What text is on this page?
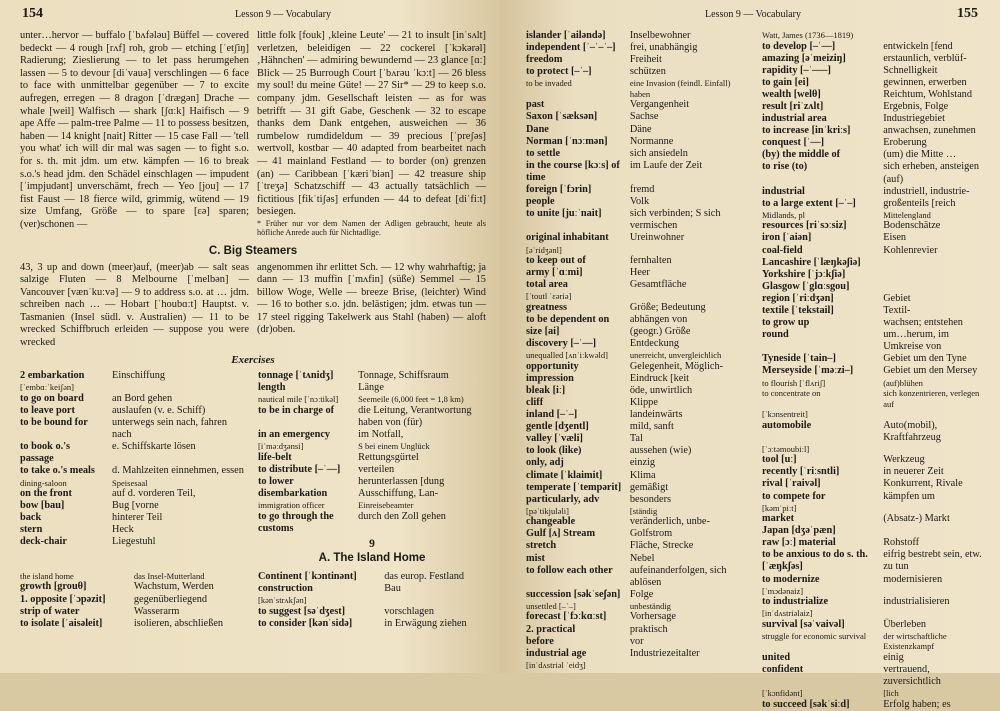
154	Lesson 9 — Vocabulary

unter…hervor — buffalo [ˈbʌfələu] Büffel — covered bedeckt — 4 rough [rʌf] roh, grob — etching [ˈetʃiŋ] Radierung; Zieslierung — to let pass herumgehen lassen — 5 to devour [diˈvauə] verschlingen — 6 face to face with unmittelbar gegenüber — 7 to excite aufregen, erregen — 8 dragon [ˈdrægən] Drache — whale [weil] Walfisch — shark [ʃɑːk] Haifisch — 9 ape Affe — palm-tree Palme — 11 to possess besitzen, haben — 14 knight [nait] Ritter — 15 case Fall — 'tell you what' ich will dir mal was sagen — to fight s.o. for s. th. mit jdm. um etw. kämpfen — 16 to break s.o.'s head jdm. den Schädel einschlagen — impudent [ˈimpjudənt] unverschämt, frech — Yeo [jou] — 17 fist Faust — 18 fierce wild, grimmig, wütend — 19 size Umfang, Größe — to spare [ɛə] sparen; (ver)schonen —

little folk [fouk] ‚kleine Leute' — 21 to insult [inˈsʌlt] verletzen, beleidigen — 22 cockerel [ˈkɔkərəl] ‚Hähnchen' — admiring bewundernd — 23 glance [ɑː] Blick — 25 Burrough Court [ˈbʌrəu ˈkɔːt] — 26 bless my soul! du meine Güte! — 27 Sir* — 29 to keep s.o. company jdm. Gesellschaft leisten — as for was betrifft — 31 gift Gabe, Geschenk — 32 to escape thanks dem Dank entgehen, ausweichen — 36 rumbelow rumdideldum — 39 precious [ˈpreʃəs] wertvoll, kostbar — 40 adapted from bearbeitet nach — 41 mainland Festland — to border (on) grenzen (an) — Caribbean [ˈkæriˈbiən] — 42 treasure ship [ˈtreʒə] Schatzschiff — 43 actually tatsächlich — fictitious [fikˈtiʃəs] erfunden — 44 to defeat [diˈfiːt] besiegen.

* Früher nur vor dem Namen der Adligen gebraucht, heute als höfliche Anrede auch für Nichtadlige.

C. Big Steamers

43, 3 up and down (meer)auf, (meer)ab — salt seas salzige Fluten — 8 Melbourne [ˈmelbən] — Vancouver [vænˈkuːvə] — 9 to address s.o. at … jdm. schreiben nach … — Hobart [ˈhoubɑːt] Hauptst. v. Tasmanien (Insel südl. v. Australien) — 11 to be wrecked Schiffbruch erleiden — suppose you were wrecked

angenommen ihr erlittet Sch. — 12 why wahrhaftig; ja dann — 13 muffin [ˈmʌfin] (süße) Semmel — 15 billow Woge, Welle — breeze Brise, (leichter) Wind — 16 to bother s.o. jdn. belästigen; jdm. etwas tun — 17 steel rigging Takelwerk aus Stahl (haben) — aloft (dr)oben.

Exercises
2 embarkation	Einschiffung
[ˈembɑːˈkeiʃən]	
to go on board	an Bord gehen
to leave port	auslaufen (v. e. Schiff)
to be bound for	unterwegs sein nach, fahren nach
to book o.'s passage	e. Schiffskarte lösen
to take o.'s meals	d. Mahlzeiten einnehmen, essen
dining-saloon	Speisesaal
on the front	auf d. vorderen Teil,
bow [bau]	Bug [vorne
back	hinterer Teil
stern	Heck
deck-chair	Liegestuhl
tonnage [ˈtʌnidʒ]	Tonnage, Schiffsraum
length	Länge
nautical mile [ˈnɔːtikəl]	Seemeile (6,000 feet = 1,8 km)
to be in charge of	die Leitung, Verantwortung haben von (für)
in an emergency	im Notfall,
[iˈməːdʒənsi]	S bei einem Unglück
life-belt	Rettungsgürtel
to distribute [–ˈ––]	verteilen
to lower	herunterlassen [dung
disembarkation	Ausschiffung, Lan-
immigration officer	Einreisebeamter
to go through the customs	durch den Zoll gehen
9
A. The Island Home
the island home	das Insel-Mutterland
growth [grouθ]	Wachstum, Werden
1. opposite [ˈɔpəzit]	gegenüberliegend
strip of water	Wasserarm
to isolate [ˈaisəleit]	isolieren, abschließen
Continent [ˈkɔntinənt]	das europ. Festland
construction	Bau
[kənˈstrʌkʃən]	
to suggest [səˈdʒest]	vorschlagen
to consider [kənˈsidə]	in Erwägung ziehen
Lesson 9 — Vocabulary	155
islander [ˈailəndə]	Inselbewohner
independent [ˈ–ˈ–ˈ–]	frei, unabhängig
freedom	Freiheit
to protect [–ˈ–]	schützen
to be invaded	eine Invasion (feindl. Einfall) haben
past	Vergangenheit
Saxon [ˈsæksən]	Sachse
Dane	Däne
Norman [ˈnɔːmən]	Normanne
to settle	sich ansiedeln
in the course [kɔːs] of time	im Laufe der Zeit
foreign [ˈfɔrin]	fremd
people	Volk
to unite [juːˈnait]	sich verbinden; S sich vermischen
original inhabitant	Ureinwohner
[əˈridʒənl]	
to keep out of	fernhalten
army [ˈɑːmi]	Heer
total area	Gesamtfläche
[ˈtoutl ˈɛəriə]	
greatness	Größe; Bedeutung
to be dependent on	abhängen von
size [ai]	(geogr.) Größe
discovery [–ˈ––]	Entdeckung
unequalled [ʌnˈiːkwəld]	unerreicht, unvergleichlich
opportunity	Gelegenheit, Möglich-
impression	Eindruck [keit
bleak [iː]	öde, unwirtlich
cliff	Klippe
inland [–ˈ–]	landeinwärts
gentle [dʒentl]	mild, sanft
valley [ˈvæli]	Tal
to look (like)	aussehen (wie)
only, adj	einzig
climate [ˈklaimit]	Klima
temperate [ˈtempərit]	gemäßigt
particularly, adv	besonders
[pəˈtikjuləli]	[ständig
changeable	veränderlich, unbe-
Gulf [ʌ] Stream	Golfstrom
stretch	Fläche, Strecke
mist	Nebel
to follow each other	aufeinanderfolgen, sich ablösen
succession [səkˈseʃən]	Folge
unsettled [–ˈ–]	unbeständig
forecast [ˈfɔːkɑːst]	Vorhersage
2. practical	praktisch
before	vor
industrial age	Industriezeitalter
[inˈdʌstriəl ˈeidʒ]	
Watt, James (1736—1819)	
to develop [–ˈ––]	entwickeln [fend
amazing [əˈmeiziŋ]	erstaunlich, verblüf-
rapidity [–ˈ–––]	Schnelligkeit
to gain [ei]	gewinnen, erwerben
wealth [welθ]	Reichtum, Wohlstand
result [riˈzʌlt]	Ergebnis, Folge
industrial area	Industriegebiet
to increase [inˈkriːs]	anwachsen, zunehmen
conquest [ˈ––]	Eroberung
(by) the middle of	(um) die Mitte …
to rise (to)	sich erheben, ansteigen (auf)
industrial	industriell, industrie-
to a large extent [–ˈ–]	großenteils [reich
Midlands, pl	Mittelengland
resources [riˈsɔːsiz]	Bodenschätze
iron [ˈaiən]	Eisen
coal-field	Kohlenrevier
Lancashire [ˈlæŋkəʃiə]	
Yorkshire [ˈjɔːkʃiə]	
Glasgow [ˈglɑːsgou]	
region [ˈriːdʒən]	Gebiet
textile [ˈtekstail]	Textil-
to grow up	wachsen; entstehen
round	um…herum, im Umkreise von
Tyneside [ˈtain–]	Gebiet um den Tyne
Merseyside [ˈməːzi–]	Gebiet um den Mersey
to flourish [ˈflʌriʃ]	(auf)blühen
to concentrate on	sich konzentrieren, verlegen auf
[ˈkɔnsentreit]	
automobile	Auto(mobil), Kraftfahrzeug
[ˈɔːtəmoubiːl]	
tool [uː]	Werkzeug
recently [ˈriːsntli]	in neuerer Zeit
rival [ˈraivəl]	Konkurrent, Rivale
to compete for	kämpfen um
[kəmˈpiːt]	
market	(Absatz-) Markt
Japan [dʒəˈpæn]	
raw [ɔː] material	Rohstoff
to be anxious to do s. th. [ˈæŋkʃəs]	eifrig bestrebt sein, etw. zu tun
to modernize	modernisieren
[ˈmɔdənaiz]	
to industrialize	industrialisieren
[inˈdʌstriəlaiz]	
survival [səˈvaivəl]	Überleben
struggle for economic survival	der wirtschaftliche Existenzkampf
united	einig
confident	vertrauend, zuversichtlich
[ˈkɔnfidənt]	[lich
to succeed [səkˈsiːd]	Erfolg haben; es
